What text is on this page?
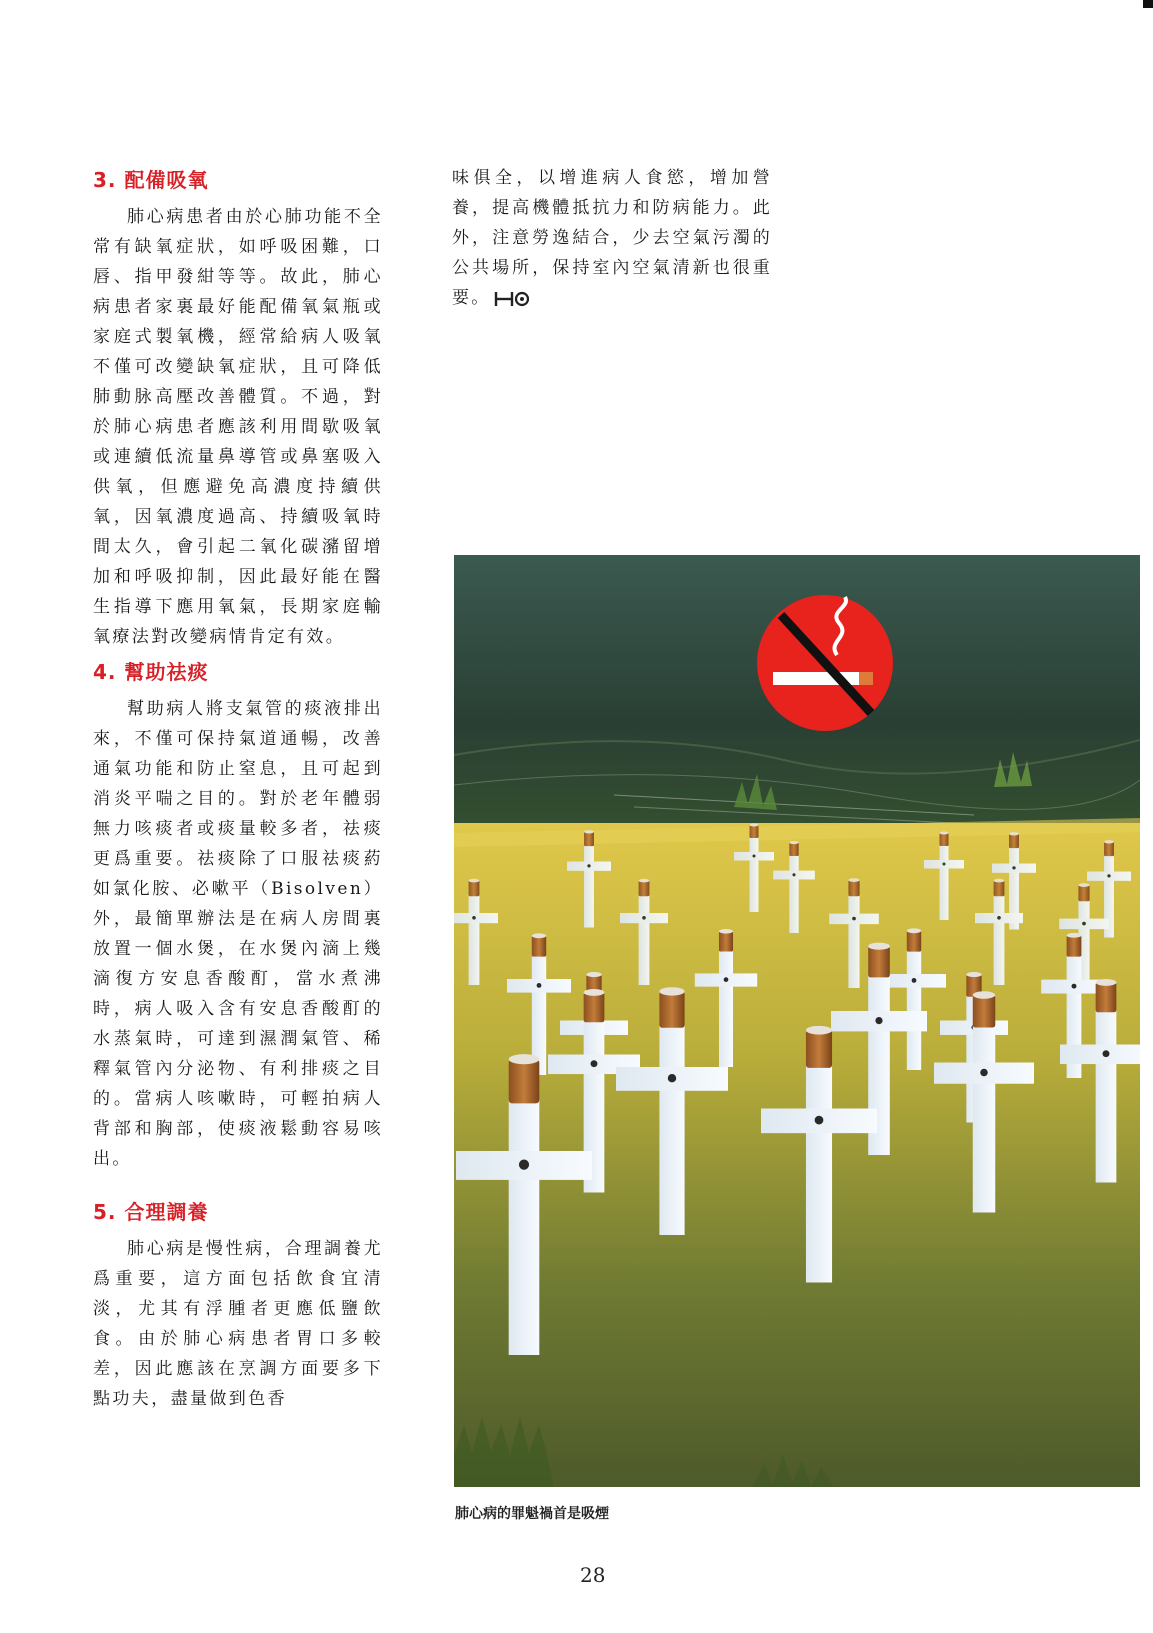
3. 配備吸氧

肺心病患者由於心肺功能不全常有缺氧症狀，如呼吸困難，口唇、指甲發紺等等。故此，肺心病患者家裏最好能配備氧氣瓶或家庭式製氧機，經常給病人吸氧不僅可改變缺氧症狀，且可降低肺動脉高壓改善體質。不過，對於肺心病患者應該利用間歇吸氧或連續低流量鼻導管或鼻塞吸入供氧，但應避免高濃度持續供氧，因氧濃度過高、持續吸氧時間太久，會引起二氧化碳瀦留增加和呼吸抑制，因此最好能在醫生指導下應用氧氣，長期家庭輸氧療法對改變病情肯定有效。

4. 幫助祛痰

幫助病人將支氣管的痰液排出來，不僅可保持氣道通暢，改善通氣功能和防止窒息，且可起到消炎平喘之目的。對於老年體弱無力咳痰者或痰量較多者，祛痰更爲重要。祛痰除了口服祛痰葯如氯化胺、必嗽平（Bisolven）外，最簡單辦法是在病人房間裏放置一個水煲，在水煲內滴上幾滴復方安息香酸酊，當水煮沸時，病人吸入含有安息香酸酊的水蒸氣時，可達到濕潤氣管、稀釋氣管內分泌物、有利排痰之目的。當病人咳嗽時，可輕拍病人背部和胸部，使痰液鬆動容易咳出。

5. 合理調養

肺心病是慢性病，合理調養尤爲重要，這方面包括飲食宜清淡，尤其有浮腫者更應低鹽飲食。由於肺心病患者胃口多較差，因此應該在烹調方面要多下點功夫，盡量做到色香

味俱全，以增進病人食慾，增加營養，提高機體抵抗力和防病能力。此外，注意勞逸結合，少去空氣污濁的公共場所，保持室內空氣清新也很重要。

肺心病的罪魁禍首是吸煙
28
